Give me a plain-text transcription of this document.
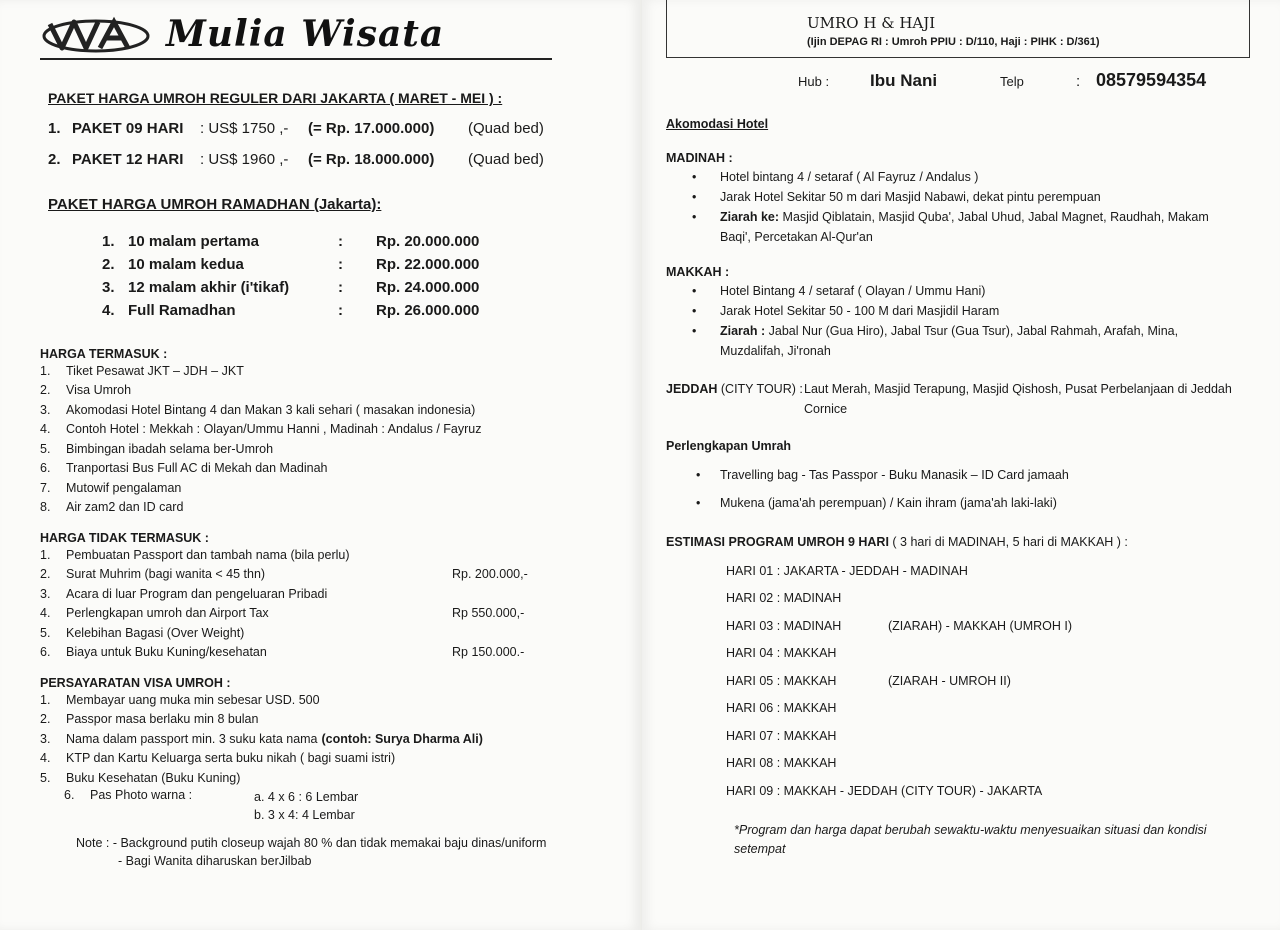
Mulia Wisata
PAKET HARGA UMROH REGULER DARI JAKARTA ( MARET - MEI ) :
1. PAKET 09 HARI	: US$ 1750 ,-	(= Rp. 17.000.000)	(Quad bed)
2. PAKET 12 HARI	: US$ 1960 ,-	(= Rp. 18.000.000)	(Quad bed)
PAKET HARGA UMROH RAMADHAN (Jakarta):
1. 10 malam pertama	:	Rp. 20.000.000
2. 10 malam kedua	:	Rp. 22.000.000
3. 12 malam akhir (i'tikaf)	:	Rp. 24.000.000
4. Full Ramadhan	:	Rp. 26.000.000
HARGA TERMASUK :
1.	Tiket Pesawat JKT – JDH – JKT
2.	Visa Umroh
3.	Akomodasi Hotel Bintang 4 dan Makan 3 kali sehari ( masakan indonesia)
4.	Contoh Hotel : Mekkah : Olayan/Ummu Hanni , Madinah : Andalus / Fayruz
5.	Bimbingan ibadah selama ber-Umroh
6.	Tranportasi Bus Full AC di Mekah dan Madinah
7.	Mutowif pengalaman
8.	Air zam2 dan ID card
HARGA TIDAK TERMASUK :
1.	Pembuatan Passport dan tambah nama (bila perlu)
2.	Surat Muhrim (bagi wanita < 45 thn)	Rp. 200.000,-
3.	Acara di luar Program dan pengeluaran Pribadi
4.	Perlengkapan umroh dan Airport Tax	Rp 550.000,-
5.	Kelebihan Bagasi (Over Weight)
6.	Biaya untuk Buku Kuning/kesehatan	Rp 150.000.-
PERSAYARATAN VISA UMROH :
1.	Membayar uang muka min sebesar USD. 500
2.	Passpor masa berlaku min 8 bulan
3.	Nama dalam passport min. 3 suku kata nama (contoh: Surya Dharma Ali)
4.	KTP dan Kartu Keluarga serta buku nikah ( bagi suami istri)
5.	Buku Kesehatan (Buku Kuning)
6.	Pas Photo warna :	a. 4 x 6 : 6 Lembar
b. 3 x 4: 4 Lembar
Note : - Background putih closeup wajah 80 % dan tidak memakai baju dinas/uniform
- Bagi Wanita diharuskan berJilbab
UMRO H & HAJI
(Ijin DEPAG RI : Umroh PPIU : D/110, Haji : PIHK : D/361)
Hub :	Ibu Nani	Telp	: 08579594354
Akomodasi Hotel
MADINAH :
•	Hotel bintang 4 / setaraf ( Al Fayruz / Andalus )
•	Jarak Hotel Sekitar 50 m dari Masjid Nabawi, dekat pintu perempuan
•	Ziarah ke: Masjid Qiblatain, Masjid Quba', Jabal Uhud, Jabal Magnet, Raudhah, Makam Baqi', Percetakan Al-Qur'an
MAKKAH :
•	Hotel Bintang 4 / setaraf ( Olayan / Ummu Hani)
•	Jarak Hotel Sekitar 50 - 100 M dari Masjidil Haram
•	Ziarah : Jabal Nur (Gua Hiro), Jabal Tsur (Gua Tsur), Jabal Rahmah, Arafah, Mina, Muzdalifah, Ji'ronah
JEDDAH (CITY TOUR) : Laut Merah, Masjid Terapung, Masjid Qishosh, Pusat Perbelanjaan di Jeddah Cornice
Perlengkapan Umrah
•	Travelling bag - Tas Passpor - Buku Manasik – ID Card jamaah
•	Mukena (jama'ah perempuan) / Kain ihram (jama'ah laki-laki)
ESTIMASI PROGRAM UMROH 9 HARI ( 3 hari di MADINAH, 5 hari di MAKKAH ) :
HARI 01 : JAKARTA - JEDDAH - MADINAH
HARI 02 : MADINAH
HARI 03 : MADINAH	(ZIARAH) - MAKKAH (UMROH I)
HARI 04 : MAKKAH
HARI 05 : MAKKAH	(ZIARAH - UMROH II)
HARI 06 : MAKKAH
HARI 07 : MAKKAH
HARI 08 : MAKKAH
HARI 09 : MAKKAH - JEDDAH (CITY TOUR) - JAKARTA
*Program dan harga dapat berubah sewaktu-waktu menyesuaikan situasi dan kondisi setempat
